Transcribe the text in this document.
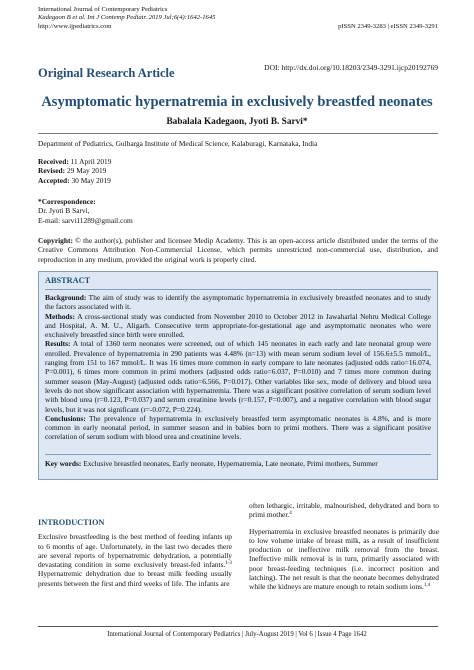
International Journal of Contemporary Pediatrics
Kadegaon B et al. Int J Contemp Pediatr. 2019 Jul;6(4):1642-1645
http://www.ijpediatrics.com	pISSN 2349-3283 | eISSN 2349-3291
Original Research Article	DOI: http://dx.doi.org/10.18203/2349-3291.ijcp20192769
Asymptomatic hypernatremia in exclusively breastfed neonates
Babalala Kadegaon, Jyoti B. Sarvi*
Department of Pediatrics, Gulbarga Institute of Medical Science, Kalaburagi, Karnataka, India
Received: 11 April 2019
Revised: 29 May 2019
Accepted: 30 May 2019
*Correspondence:
Dr. Jyoti B Sarvi,
E-mail: sarvi11289@gmail.com
Copyright: © the author(s), publisher and licensee Medip Academy. This is an open-access article distributed under the terms of the Creative Commons Attribution Non-Commercial License, which permits unrestricted non-commercial use, distribution, and reproduction in any medium, provided the original work is properly cited.
ABSTRACT
Background: The aim of study was to identify the asymptomatic hypernatremia in exclusively breastfed neonates and to study the factors associated with it.
Methods: A cross-sectional study was conducted from November 2010 to October 2012 in Jawaharlal Nehru Medical College and Hospital, A. M. U., Aligarh. Consecutive term appropriate-for-gestational age and asymptomatic neonates who were exclusively breastfed since birth were enrolled.
Results: A total of 1360 term neonates were screened, out of which 145 neonates in each early and late neonatal group were enrolled. Prevalence of hypernatremia in 290 patients was 4.48% (n=13) with mean serum sodium level of 156.6±5.5 mmol/L, ranging from 151 to 167 mmol/L. It was 16 times more common in early compare to late neonates (adjusted odds ratio=16.074, P=0.001), 6 times more common in primi mothers (adjusted odds ratio=6.037, P=0.010) and 7 times more common during summer season (May-August) (adjusted odds ratio=6.566, P=0.017). Other variables like sex, mode of delivery and blood urea levels do not show significant association with hypernatremia. There was a significant positive correlation of serum sodium level with blood urea (r=0.123, P=0.037) and serum creatinine levels (r=0.157, P=0.007), and a negative correlation with blood sugar levels, but it was not significant (r=-0.072, P=0.224).
Conclusions: The prevalence of hypernatremia in exclusively breastfed term asymptomatic neonates is 4.8%, and is more common in early neonatal period, in summer season and in babies born to primi mothers. There was a significant positive correlation of serum sodium with blood urea and creatinine levels.
Key words: Exclusive breastfed neonates, Early neonate, Hypernatremia, Late neonate, Primi mothers, Summer
INTRODUCTION
Exclusive breastfeeding is the best method of feeding infants up to 6 months of age. Unfortunately, in the last two decades there are several reports of hypernatremic dehydration, a potentially devastating condition in some exclusively breast-fed infants.$^{1-3}$ Hypernatremic dehydration due to breast milk feeding usually presents between the first and third weeks of life. The infants are
often lethargic, irritable, malnourished, dehydrated and born to primi mother.$^4$
Hypernatremia in exclusive breastfed neonates is primarily due to low volume intake of breast milk, as a result of insufficient production or ineffective milk removal from the breast. Ineffective milk removal is in turn, primarily associated with poor breast-feeding techniques (i.e. incorrect position and latching). The net result is that the neonate becomes dehydrated while the kidneys are mature enough to retain sodium ions.$^{1,4}$
International Journal of Contemporary Pediatrics | July-August 2019 | Vol 6 | Issue 4 Page 1642
